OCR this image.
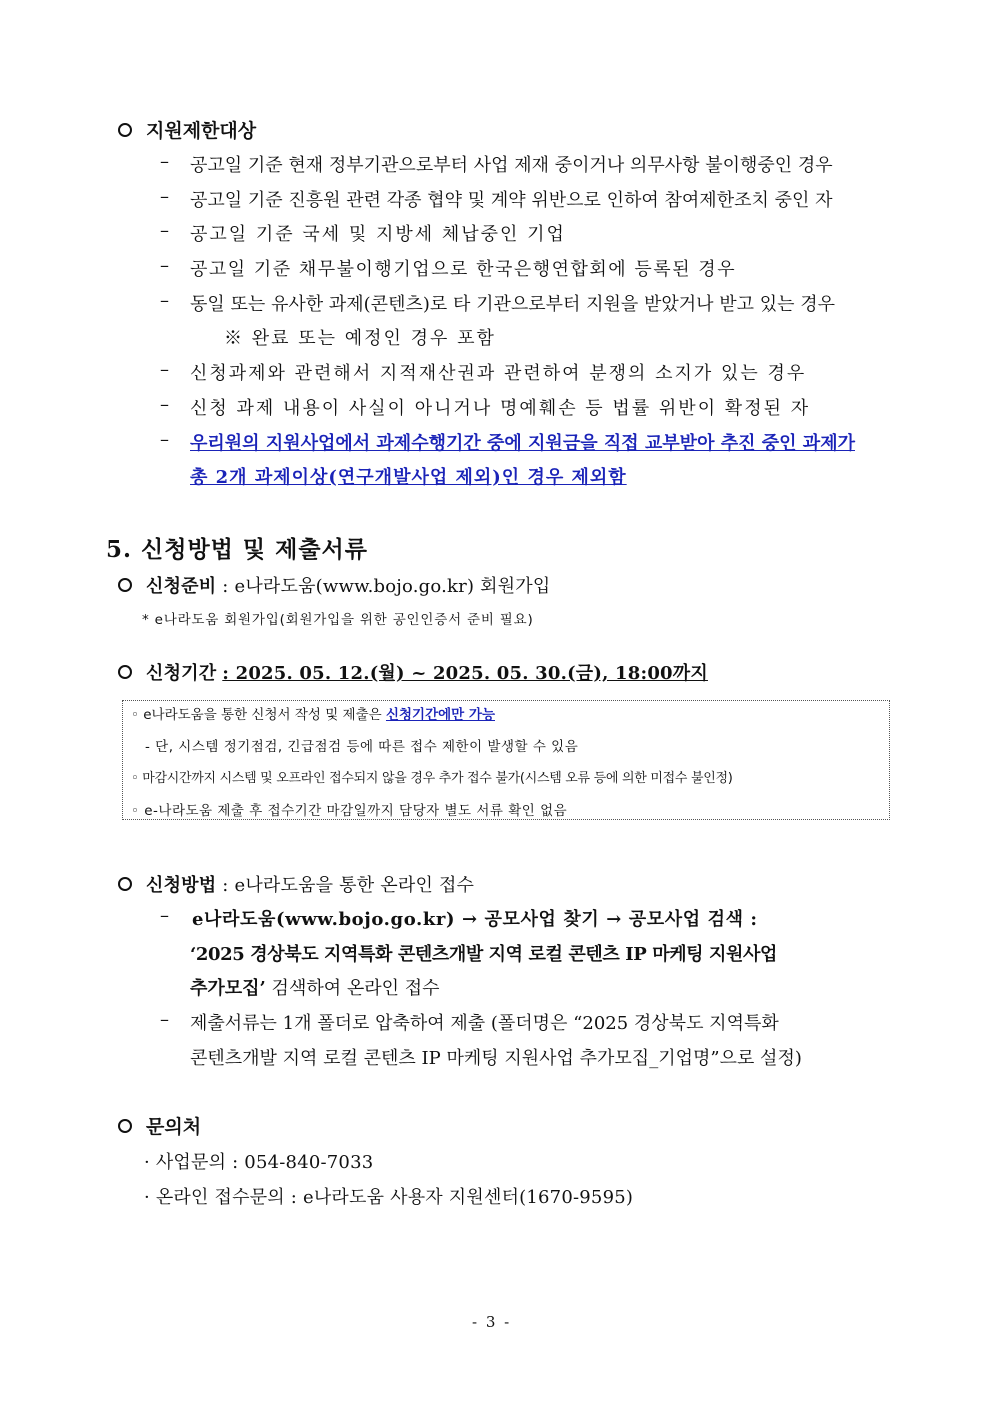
지원제한대상
– 공고일 기준 현재 정부기관으로부터 사업 제재 중이거나 의무사항 불이행중인 경우
– 공고일 기준 진흥원 관련 각종 협약 및 계약 위반으로 인하여 참여제한조치 중인 자
– 공고일 기준 국세 및 지방세 체납중인 기업
– 공고일 기준 채무불이행기업으로 한국은행연합회에 등록된 경우
– 동일 또는 유사한 과제(콘텐츠)로 타 기관으로부터 지원을 받았거나 받고 있는 경우
※ 완료 또는 예정인 경우 포함
– 신청과제와 관련해서 지적재산권과 관련하여 분쟁의 소지가 있는 경우
– 신청 과제 내용이 사실이 아니거나 명예훼손 등 법률 위반이 확정된 자
– 우리원의 지원사업에서 과제수행기간 중에 지원금을 직접 교부받아 추진 중인 과제가
총 2개 과제이상(연구개발사업 제외)인 경우 제외함
5. 신청방법 및 제출서류
신청준비 : e나라도움(www.bojo.go.kr) 회원가입
* e나라도움 회원가입(회원가입을 위한 공인인증서 준비 필요)
신청기간 : 2025. 05. 12.(월) ~ 2025. 05. 30.(금), 18:00까지
◦ e나라도움을 통한 신청서 작성 및 제출은 신청기간에만 가능
- 단, 시스템 정기점검, 긴급점검 등에 따른 접수 제한이 발생할 수 있음
◦ 마감시간까지 시스템 및 오프라인 접수되지 않을 경우 추가 접수 불가(시스템 오류 등에 의한 미접수 불인정)
◦ e-나라도움 제출 후 접수기간 마감일까지 담당자 별도 서류 확인 없음
신청방법 : e나라도움을 통한 온라인 접수
– e나라도움(www.bojo.go.kr) → 공모사업 찾기 → 공모사업 검색 :
‘2025 경상북도 지역특화 콘텐츠개발 지역 로컬 콘텐츠 IP 마케팅 지원사업
추가모집’ 검색하여 온라인 접수
– 제출서류는 1개 폴더로 압축하여 제출 (폴더명은 “2025 경상북도 지역특화
콘텐츠개발 지역 로컬 콘텐츠 IP 마케팅 지원사업 추가모집_기업명”으로 설정)
문의처
· 사업문의 : 054-840-7033
· 온라인 접수문의 : e나라도움 사용자 지원센터(1670-9595)
- 3 -
